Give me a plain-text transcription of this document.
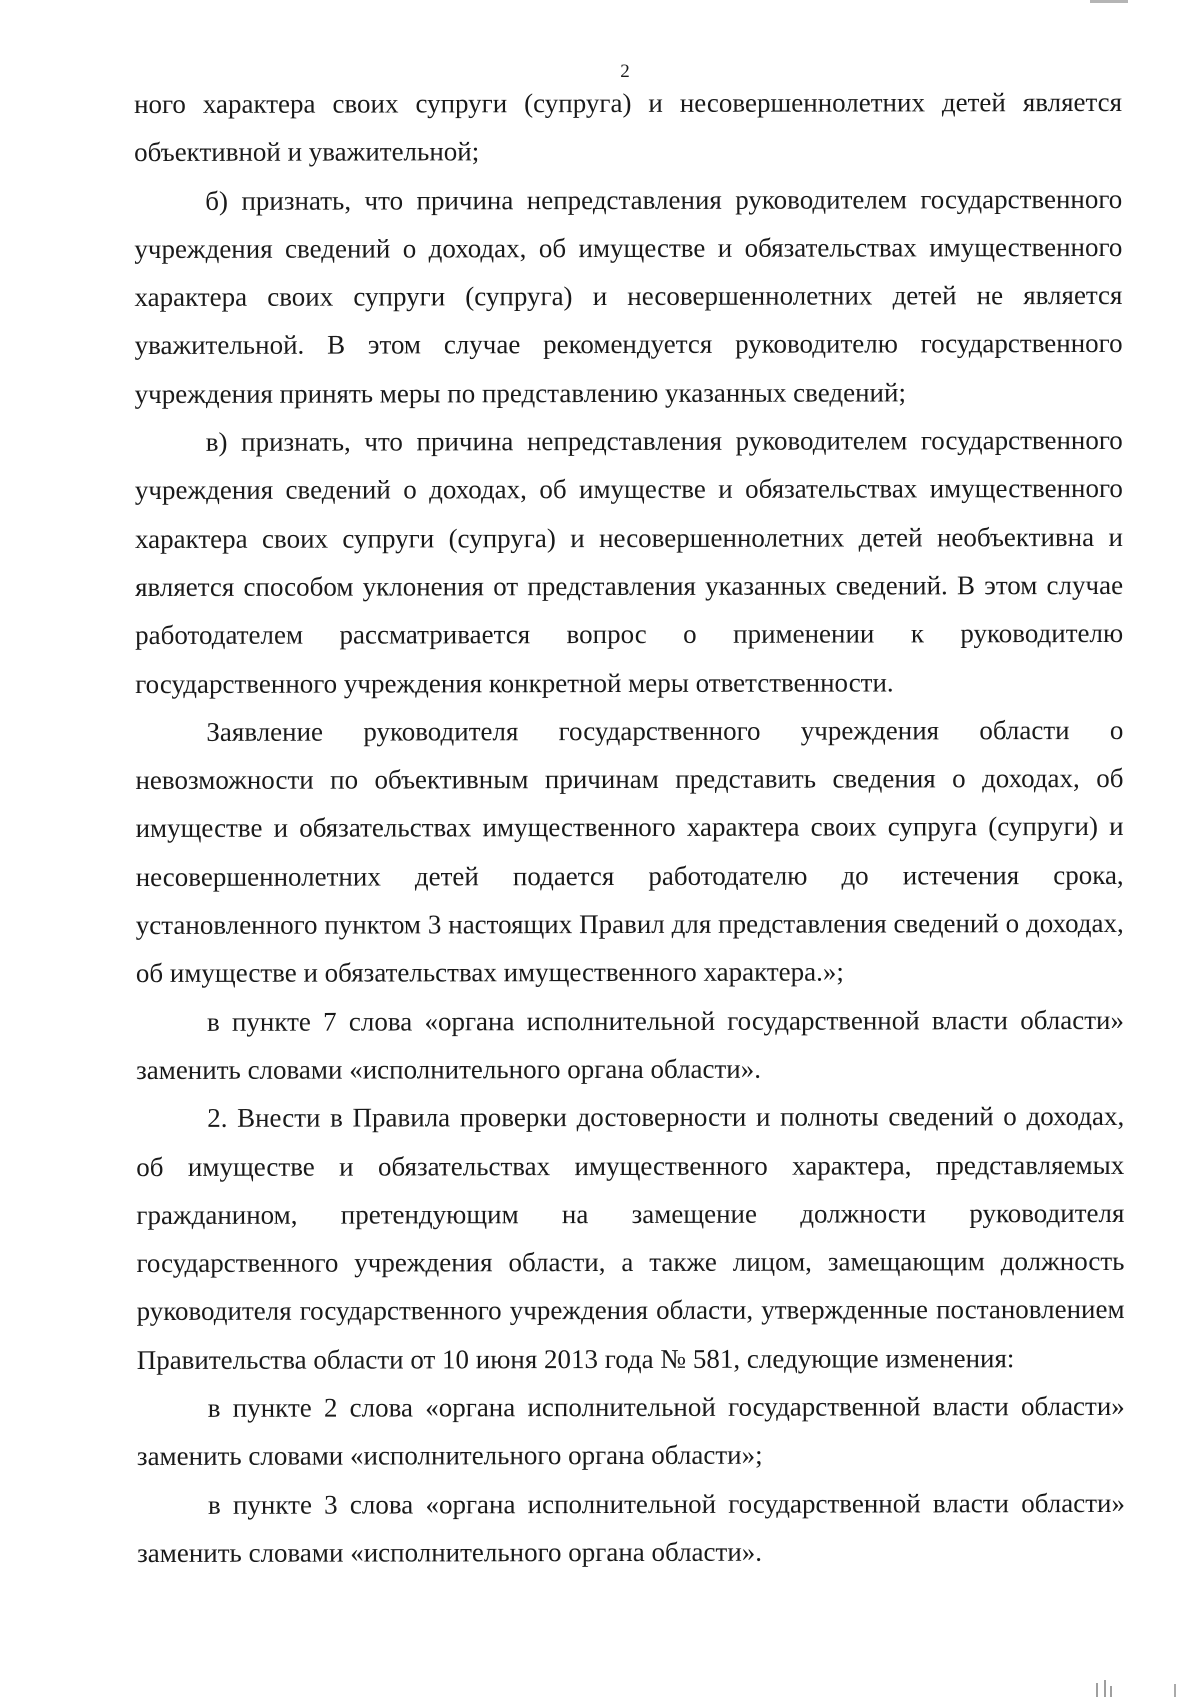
2

ного характера своих супруги (супруга) и несовершеннолетних детей является объективной и уважительной;

б) признать, что причина непредставления руководителем государственного учреждения сведений о доходах, об имуществе и обязательствах имущественного характера своих супруги (супруга) и несовершеннолетних детей не является уважительной. В этом случае рекомендуется руководителю государственного учреждения принять меры по представлению указанных сведений;

в) признать, что причина непредставления руководителем государственного учреждения сведений о доходах, об имуществе и обязательствах имущественного характера своих супруги (супруга) и несовершеннолетних детей необъективна и является способом уклонения от представления указанных сведений. В этом случае работодателем рассматривается вопрос о применении к руководителю государственного учреждения конкретной меры ответственности.

Заявление руководителя государственного учреждения области о невозможности по объективным причинам представить сведения о доходах, об имуществе и обязательствах имущественного характера своих супруга (супруги) и несовершеннолетних детей подается работодателю до истечения срока, установленного пунктом 3 настоящих Правил для представления сведений о доходах, об имуществе и обязательствах имущественного характера.»;

в пункте 7 слова «органа исполнительной государственной власти области» заменить словами «исполнительного органа области».

2. Внести в Правила проверки достоверности и полноты сведений о доходах, об имуществе и обязательствах имущественного характера, представляемых гражданином, претендующим на замещение должности руководителя государственного учреждения области, а также лицом, замещающим должность руководителя государственного учреждения области, утвержденные постановлением Правительства области от 10 июня 2013 года № 581, следующие изменения:

в пункте 2 слова «органа исполнительной государственной власти области» заменить словами «исполнительного органа области»;

в пункте 3 слова «органа исполнительной государственной власти области» заменить словами «исполнительного органа области».
